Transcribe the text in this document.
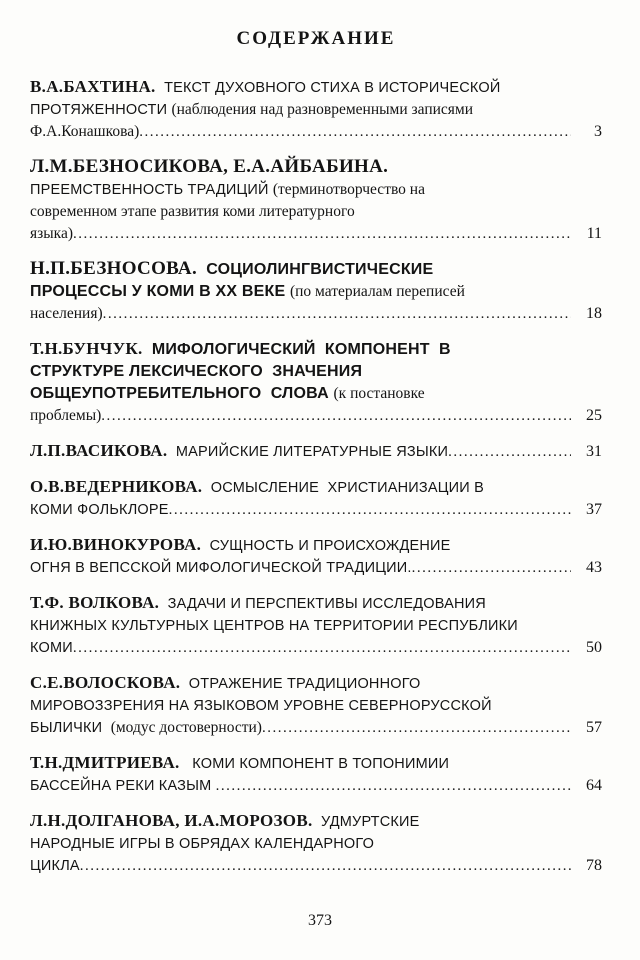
СОДЕРЖАНИЕ
В.А.БАХТИНА.  ТЕКСТ ДУХОВНОГО СТИХА В ИСТОРИЧЕСКОЙ
ПРОТЯЖЕННОСТИ (наблюдения над разновременными записями
Ф.А.Конашкова) .....	3
Л.М.БЕЗНОСИКОВА, Е.А.АЙБАБИНА.
ПРЕЕМСТВЕННОСТЬ ТРАДИЦИЙ (терминотворчество на
современном этапе развития коми литературного
языка) .....	11
Н.П.БЕЗНОСОВА.  СОЦИОЛИНГВИСТИЧЕСКИЕ
ПРОЦЕССЫ У КОМИ В XX ВЕКЕ (по материалам переписей
населения) .....	18
Т.Н.БУНЧУК.  МИФОЛОГИЧЕСКИЙ  КОМПОНЕНТ  В
СТРУКТУРЕ ЛЕКСИЧЕСКОГО  ЗНАЧЕНИЯ
ОБЩЕУПОТРЕБИТЕЛЬНОГО  СЛОВА (к постановке
проблемы) .....	25
Л.П.ВАСИКОВА.  МАРИЙСКИЕ ЛИТЕРАТУРНЫЕ ЯЗЫКИ .....	31
О.В.ВЕДЕРНИКОВА.  ОСМЫСЛЕНИЕ  ХРИСТИАНИЗАЦИИ В
КОМИ ФОЛЬКЛОРЕ .....	37
И.Ю.ВИНОКУРОВА.  СУЩНОСТЬ И ПРОИСХОЖДЕНИЕ
ОГНЯ В ВЕПССКОЙ МИФОЛОГИЧЕСКОЙ ТРАДИЦИИ. .....	43
Т.Ф. ВОЛКОВА.  ЗАДАЧИ И ПЕРСПЕКТИВЫ ИССЛЕДОВАНИЯ
КНИЖНЫХ КУЛЬТУРНЫХ ЦЕНТРОВ НА ТЕРРИТОРИИ РЕСПУБЛИКИ
КОМИ .....	50
С.Е.ВОЛОСКОВА.  ОТРАЖЕНИЕ ТРАДИЦИОННОГО
МИРОВОЗЗРЕНИЯ НА ЯЗЫКОВОМ УРОВНЕ СЕВЕРНОРУССКОЙ
БЫЛИЧКИ  (модус достоверности) .....	57
Т.Н.ДМИТРИЕВА.   КОМИ КОМПОНЕНТ В ТОПОНИМИИ
БАССЕЙНА РЕКИ КАЗЫМ .....	64
Л.Н.ДОЛГАНОВА, И.А.МОРОЗОВ.  УДМУРТСКИЕ
НАРОДНЫЕ ИГРЫ В ОБРЯДАХ КАЛЕНДАРНОГО
ЦИКЛА .....	78
373
